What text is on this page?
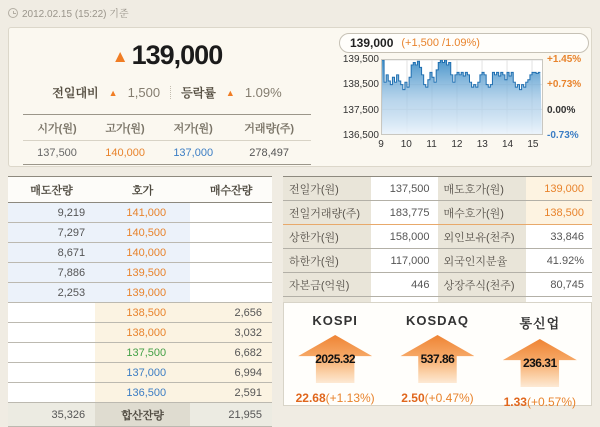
2012.02.15 (15:22) 기준
▲ 139,000
전일대비 ▲ 1,500 등락률 ▲ 1.09%
시가(원)	고가(원)	저가(원)	거래량(주)
137,500	140,000	137,000	278,497
139,000 (+1,500 /1.09%)
139,500
138,500
137,500
136,500
+1.45%
+0.73%
0.00%
-0.73%
9 10 11 12 13 14 15
매도잔량	호가	매수잔량
9,219	141,000	
7,297	140,500	
8,671	140,000	
7,886	139,500	
2,253	139,000	
	138,500	2,656
	138,000	3,032
	137,500	6,682
	137,000	6,994
	136,500	2,591
35,326	합산잔량	21,955
전일가(원)	137,500	매도호가(원)	139,000
전일거래량(주)	183,775	매수호가(원)	138,500
상한가(원)	158,000	외인보유(천주)	33,846
하한가(원)	117,000	외국인지분율	41.92%
자본금(억원)	446	상장주식(천주)	80,745

KOSPI
2025.32
22.68(+1.13%)
KOSDAQ
537.86
2.50(+0.47%)
통신업
236.31
1.33(+0.57%)
